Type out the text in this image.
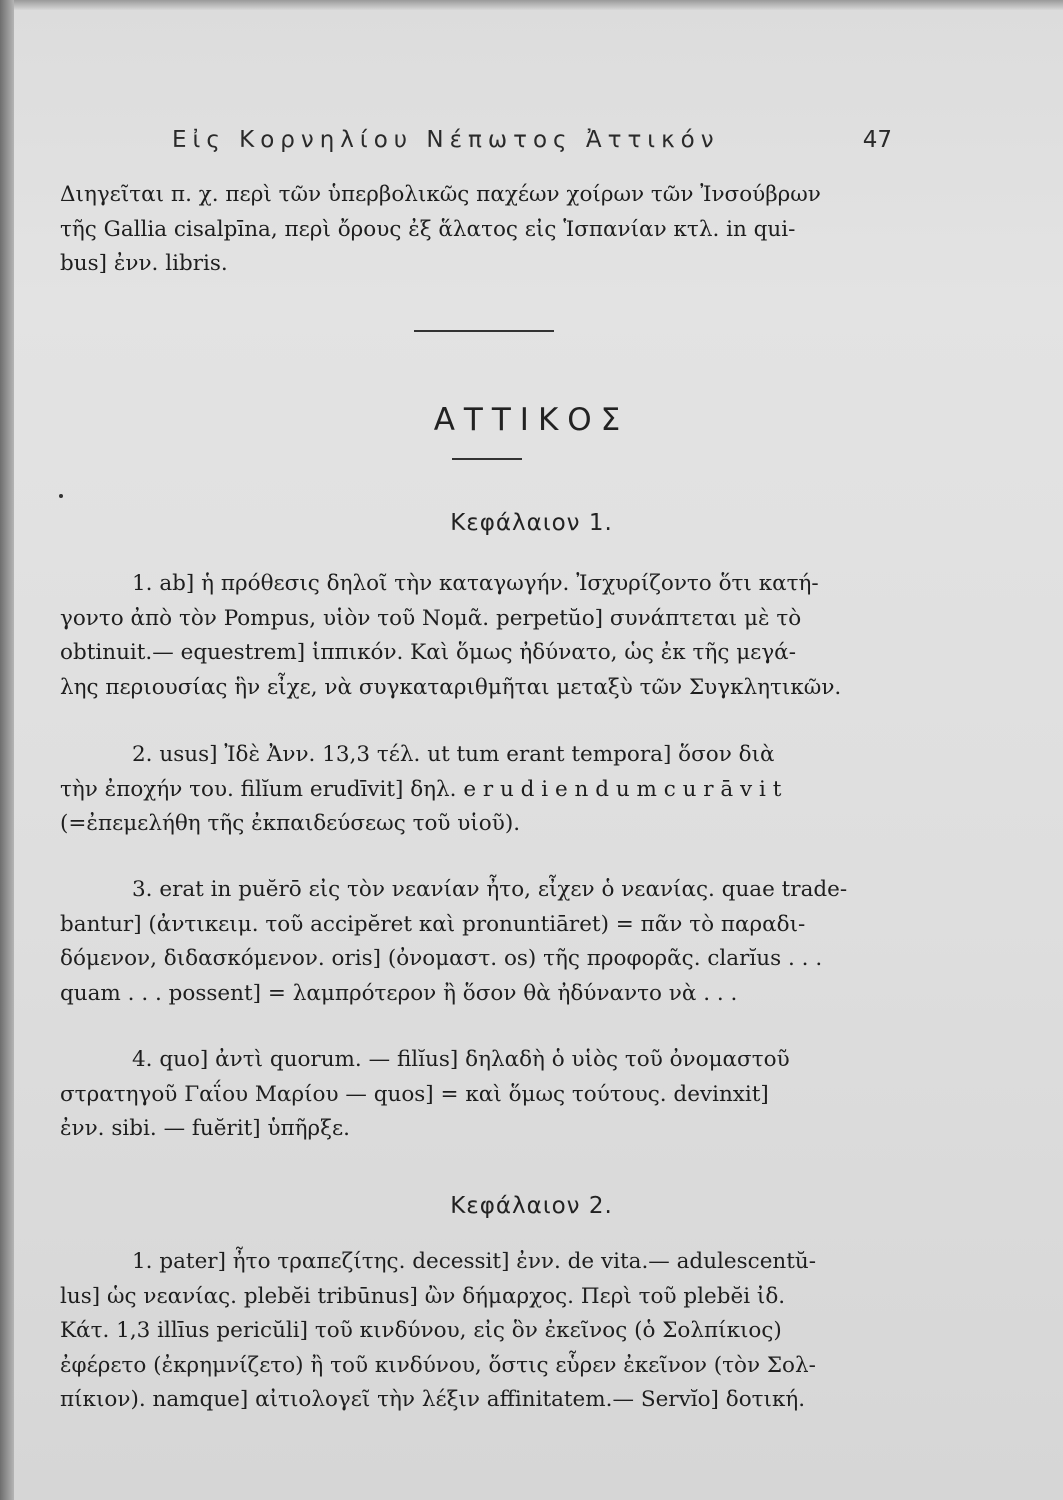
Εἰς Κορνηλίου Νέπωτος Ἀττικόν	47
Διηγεῖται π. χ. περὶ τῶν ὑπερβολικῶς παχέων χοίρων τῶν Ἰνσούβρων
τῆς Gallia cisalpīna, περὶ ὄρους ἐξ ἅλατος εἰς Ἱσπανίαν κτλ. in qui-
bus] ἐνν. libris.
ΑΤΤΙΚΟΣ
Κεφάλαιον 1.
1. ab] ἡ πρόθεσις δηλοῖ τὴν καταγωγήν. Ἰσχυρίζοντο ὅτι κατή-
γοντο ἀπὸ τὸν Pompus, υἱὸν τοῦ Νομᾶ. perpetŭo] συνάπτεται μὲ τὸ
obtinuit.— equestrem] ἱππικόν. Καὶ ὅμως ἠδύνατο, ὡς ἐκ τῆς μεγά-
λης περιουσίας ἣν εἶχε, νὰ συγκαταριθμῆται μεταξὺ τῶν Συγκλητικῶν.
2. usus] Ἰδὲ Ἀνν. 13,3 τέλ. ut tum erant tempora] ὅσον διὰ
τὴν ἐποχήν του. filĭum erudīvit] δηλ. e r u d i e n d u m c u r ā v i t
(=ἐπεμελήθη τῆς ἐκπαιδεύσεως τοῦ υἱοῦ).
3. erat in puĕrō εἰς τὸν νεανίαν ἦτο, εἶχεν ὁ νεανίας. quae trade-
bantur] (ἀντικειμ. τοῦ accipĕret καὶ pronuntiāret) = πᾶν τὸ παραδι-
δόμενον, διδασκόμενον. oris] (ὀνομαστ. os) τῆς προφορᾶς. clarĭus . . .
quam . . . possent] = λαμπρότερον ἢ ὅσον θὰ ἠδύναντο νὰ . . .
4. quo] ἀντὶ quorum. — filĭus] δηλαδὴ ὁ υἱὸς τοῦ ὀνομαστοῦ
στρατηγοῦ Γαΐου Μαρίου — quos] = καὶ ὅμως τούτους. devinxit]
ἐνν. sibi. — fuĕrit] ὑπῆρξε.
Κεφάλαιον 2.
1. pater] ἦτο τραπεζίτης. decessit] ἐνν. de vita.— adulescentŭ-
lus] ὡς νεανίας. plebĕi tribūnus] ὢν δήμαρχος. Περὶ τοῦ plebĕi ἰδ.
Κάτ. 1,3 illīus pericŭli] τοῦ κινδύνου, εἰς ὃν ἐκεῖνος (ὁ Σολπίκιος)
ἐφέρετο (ἐκρημνίζετο) ἢ τοῦ κινδύνου, ὅστις εὗρεν ἐκεῖνον (τὸν Σολ-
πίκιον). namque] αἰτιολογεῖ τὴν λέξιν affinitatem.— Servĭo] δοτική.
